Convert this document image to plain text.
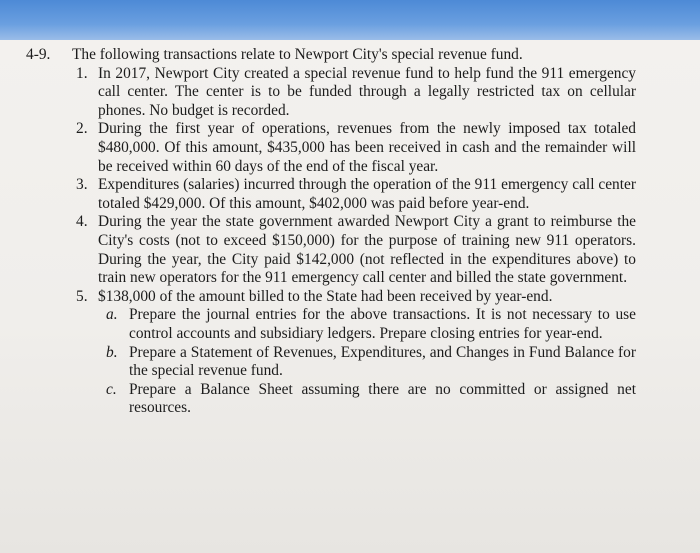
4-9.	The following transactions relate to Newport City's special revenue fund.
1. In 2017, Newport City created a special revenue fund to help fund the 911 emergency call center. The center is to be funded through a legally restricted tax on cellular phones. No budget is recorded.
2. During the first year of operations, revenues from the newly imposed tax totaled $480,000. Of this amount, $435,000 has been received in cash and the remainder will be received within 60 days of the end of the fiscal year.
3. Expenditures (salaries) incurred through the operation of the 911 emergency call center totaled $429,000. Of this amount, $402,000 was paid before year-end.
4. During the year the state government awarded Newport City a grant to reimburse the City's costs (not to exceed $150,000) for the purpose of training new 911 operators. During the year, the City paid $142,000 (not reflected in the expenditures above) to train new operators for the 911 emergency call center and billed the state government.
5. $138,000 of the amount billed to the State had been received by year-end.
a. Prepare the journal entries for the above transactions. It is not necessary to use control accounts and subsidiary ledgers. Prepare closing entries for year-end.
b. Prepare a Statement of Revenues, Expenditures, and Changes in Fund Balance for the special revenue fund.
c. Prepare a Balance Sheet assuming there are no committed or assigned net resources.
